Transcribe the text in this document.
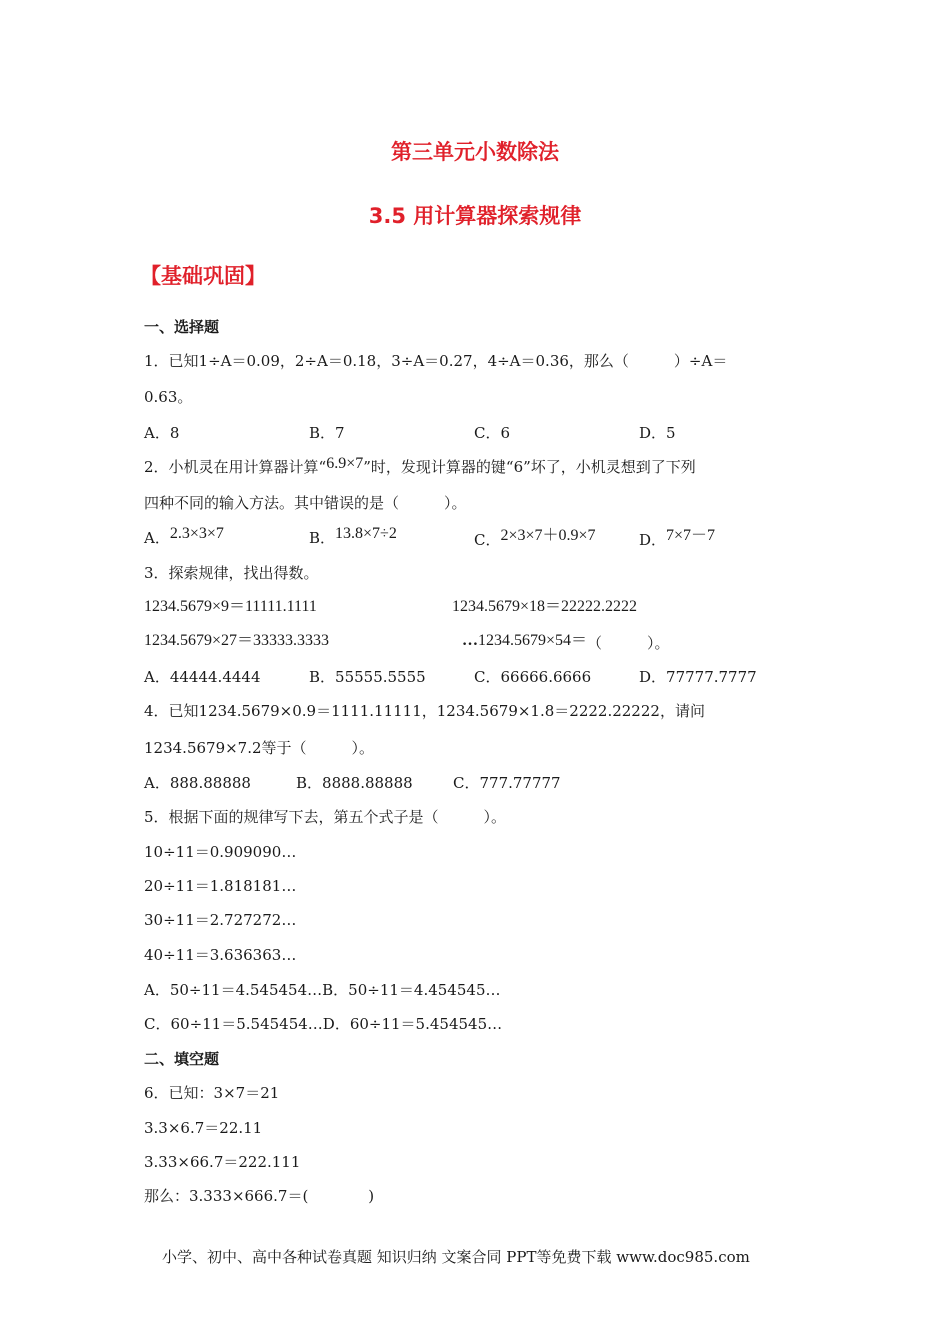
第三单元小数除法
3.5 用计算器探索规律
【基础巩固】
一、选择题
1．已知1÷A＝0.09，2÷A＝0.18，3÷A＝0.27，4÷A＝0.36，那么（　　　）÷A＝
0.63。
A．8	B．7	C．6	D．5
2．小机灵在用计算器计算“6.9×7”时，发现计算器的键“6”坏了，小机灵想到了下列
四种不同的输入方法。其中错误的是（　　　）。
A．2.3×3×7	B．13.8×7÷2	C．2×3×7＋0.9×7	D．7×7－7
3．探索规律，找出得数。
1234.5679×9＝11111.1111	1234.5679×18＝22222.2222
1234.5679×27＝33333.3333	…1234.5679×54＝（　　　）。
A．44444.4444	B．55555.5555	C．66666.6666	D．77777.7777
4．已知1234.5679×0.9＝1111.11111，1234.5679×1.8＝2222.22222，请问
1234.5679×7.2等于（　　　）。
A．888.88888	B．8888.88888	C．777.77777
5．根据下面的规律写下去，第五个式子是（　　　）。
10÷11＝0.909090…
20÷11＝1.818181…
30÷11＝2.727272…
40÷11＝3.636363…
A．50÷11＝4.545454…B．50÷11＝4.454545…
C．60÷11＝5.545454…D．60÷11＝5.454545…
二、填空题
6．已知：3×7＝21
3.3×6.7＝22.11
3.33×66.7＝222.111
那么：3.333×666.7＝(　　　　)
小学、初中、高中各种试卷真题 知识归纳 文案合同 PPT等免费下载 www.doc985.com
